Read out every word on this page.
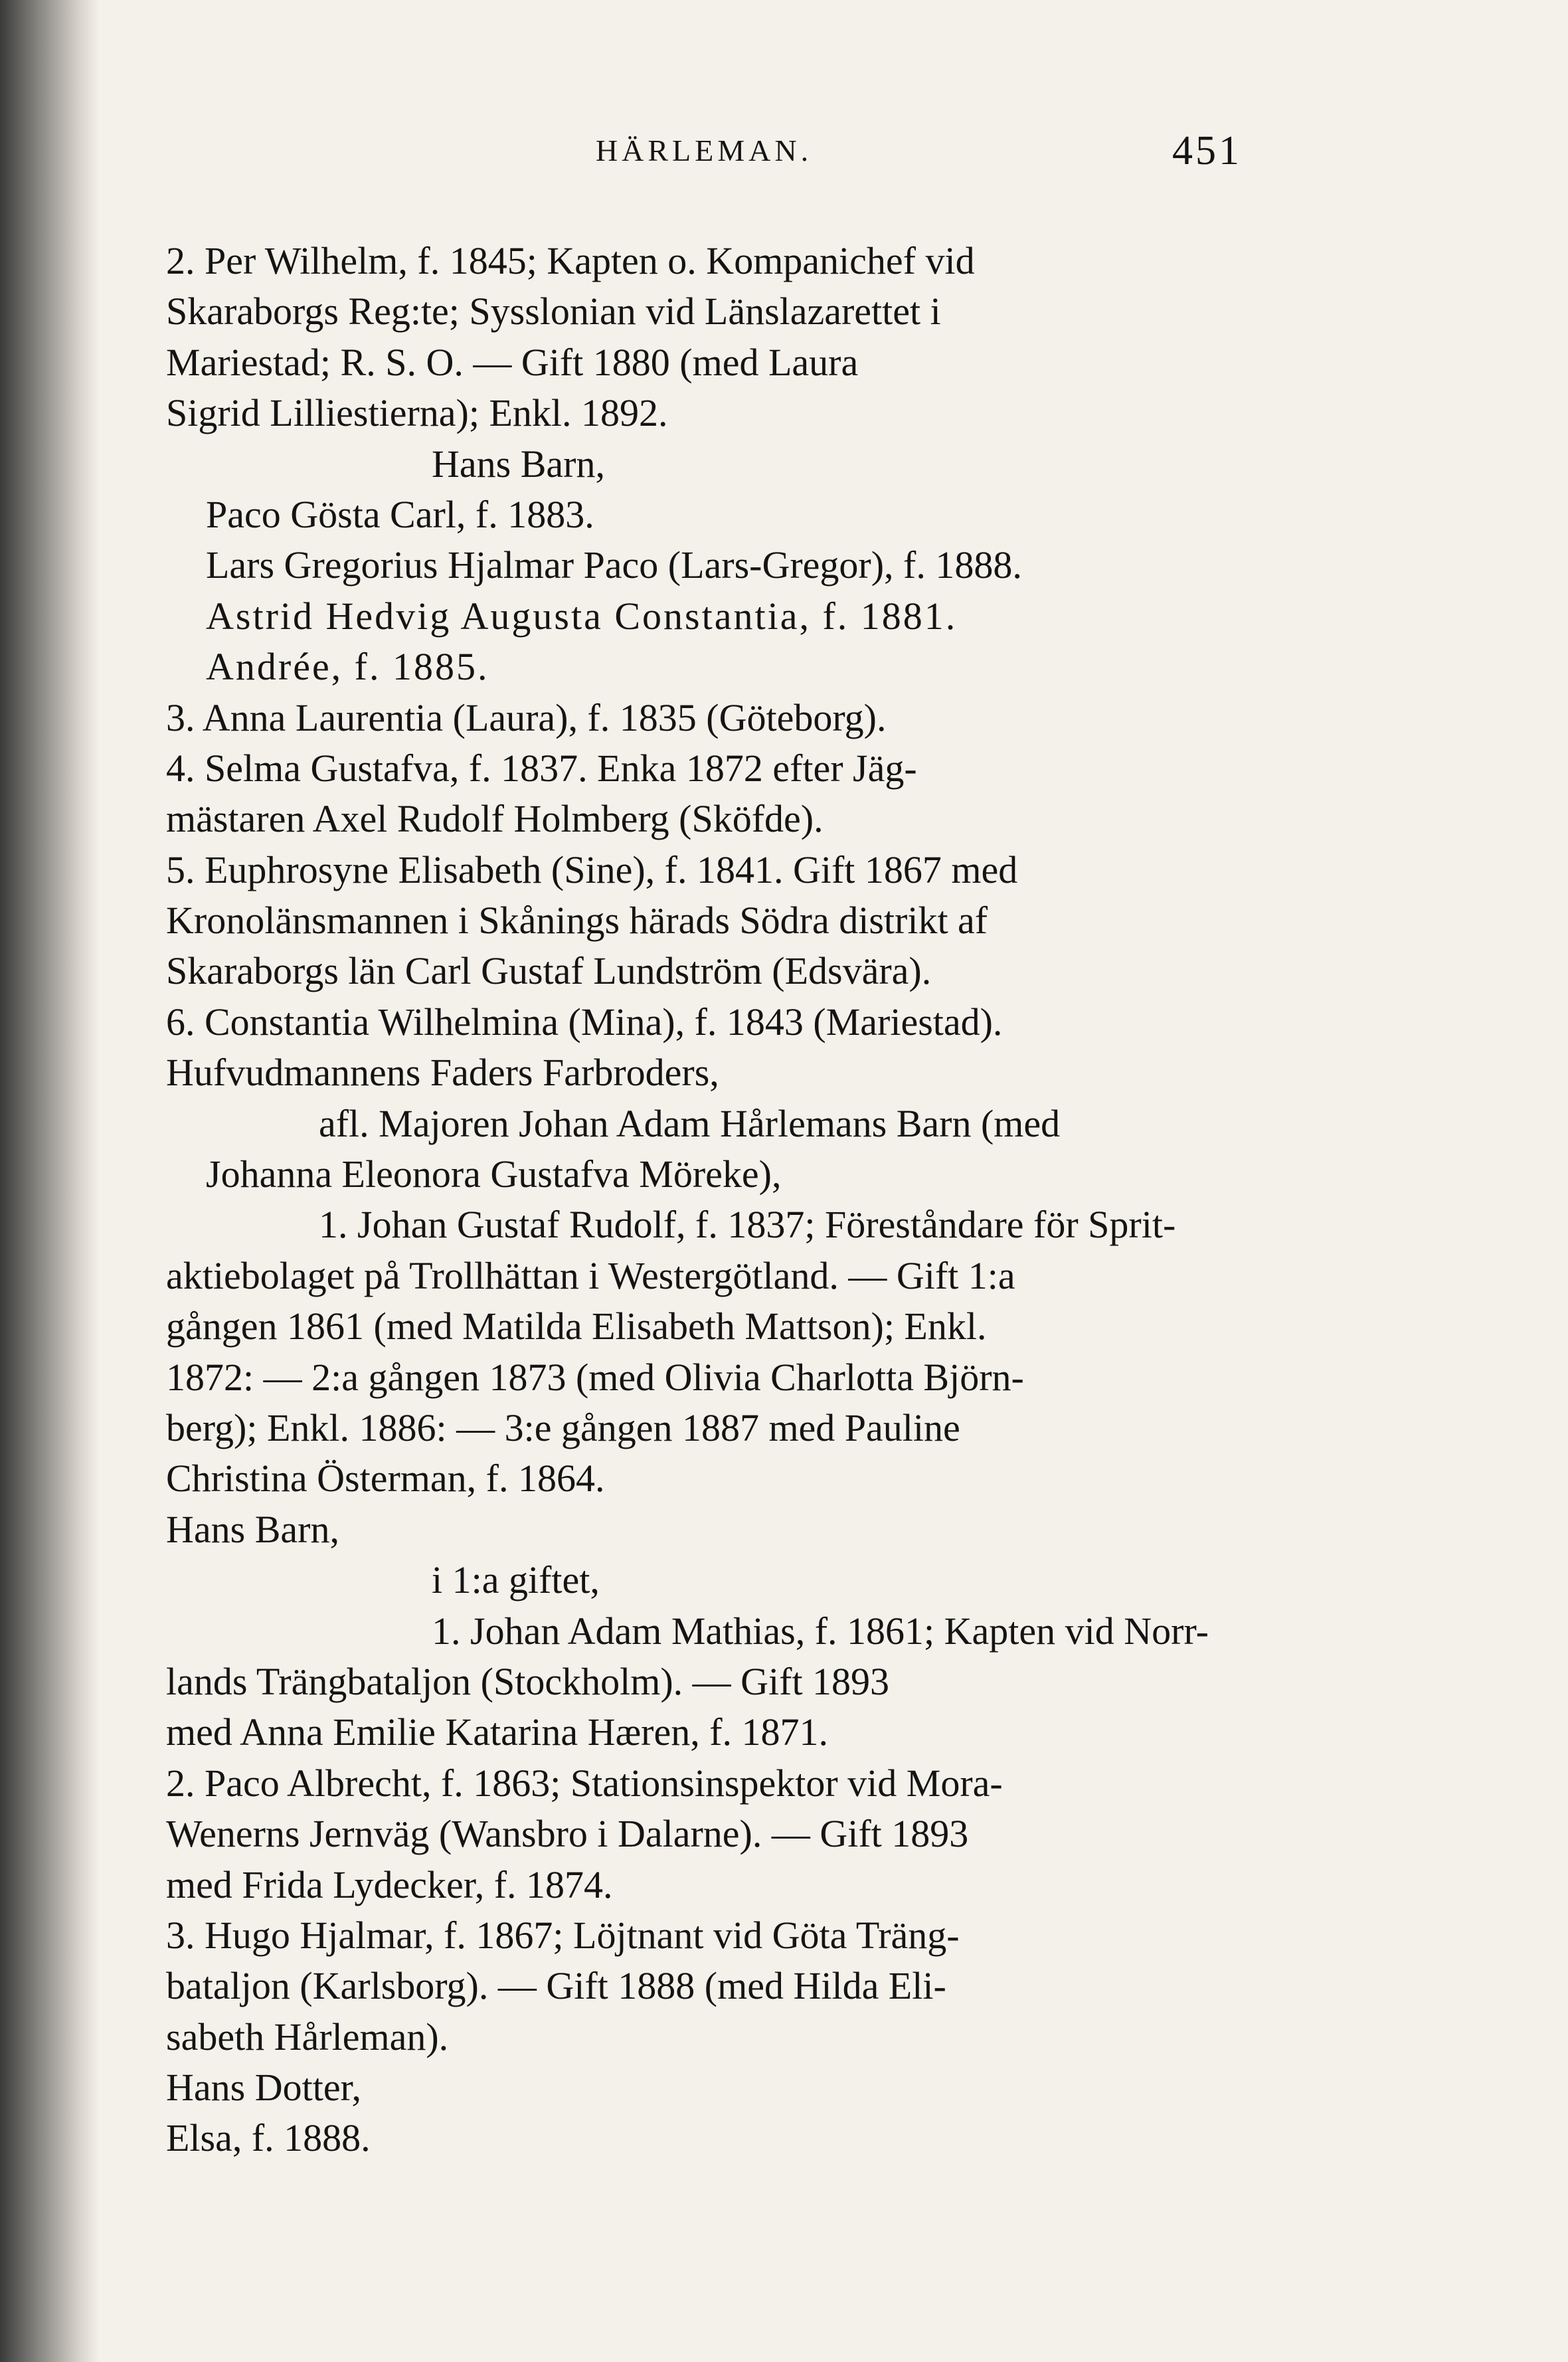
HÄRLEMAN.	451
2. Per Wilhelm, f. 1845; Kapten o. Kompanichef vid
Skaraborgs Reg:te; Sysslonian vid Länslazarettet i
Mariestad; R. S. O. — Gift 1880 (med Laura
Sigrid Lilliestierna); Enkl. 1892.
Hans Barn,
Paco Gösta Carl, f. 1883.
Lars Gregorius Hjalmar Paco (Lars-Gregor), f. 1888.
Astrid Hedvig Augusta Constantia, f. 1881.
Andrée, f. 1885.
3. Anna Laurentia (Laura), f. 1835 (Göteborg).
4. Selma Gustafva, f. 1837. Enka 1872 efter Jäg-
mästaren Axel Rudolf Holmberg (Sköfde).
5. Euphrosyne Elisabeth (Sine), f. 1841. Gift 1867 med
Kronolänsmannen i Skånings härads Södra distrikt af
Skaraborgs län Carl Gustaf Lundström (Edsvära).
6. Constantia Wilhelmina (Mina), f. 1843 (Mariestad).
Hufvudmannens Faders Farbroders,
afl. Majoren Johan Adam Hårlemans Barn (med
Johanna Eleonora Gustafva Möreke),
1. Johan Gustaf Rudolf, f. 1837; Föreståndare för Sprit-
aktiebolaget på Trollhättan i Westergötland. — Gift 1:a
gången 1861 (med Matilda Elisabeth Mattson); Enkl.
1872: — 2:a gången 1873 (med Olivia Charlotta Björn-
berg); Enkl. 1886: — 3:e gången 1887 med Pauline
Christina Österman, f. 1864.
Hans Barn,
i 1:a giftet,
1. Johan Adam Mathias, f. 1861; Kapten vid Norr-
lands Trängbataljon (Stockholm). — Gift 1893
med Anna Emilie Katarina Hæren, f. 1871.
2. Paco Albrecht, f. 1863; Stationsinspektor vid Mora-
Wenerns Jernväg (Wansbro i Dalarne). — Gift 1893
med Frida Lydecker, f. 1874.
3. Hugo Hjalmar, f. 1867; Löjtnant vid Göta Träng-
bataljon (Karlsborg). — Gift 1888 (med Hilda Eli-
sabeth Hårleman).
Hans Dotter,
Elsa, f. 1888.
